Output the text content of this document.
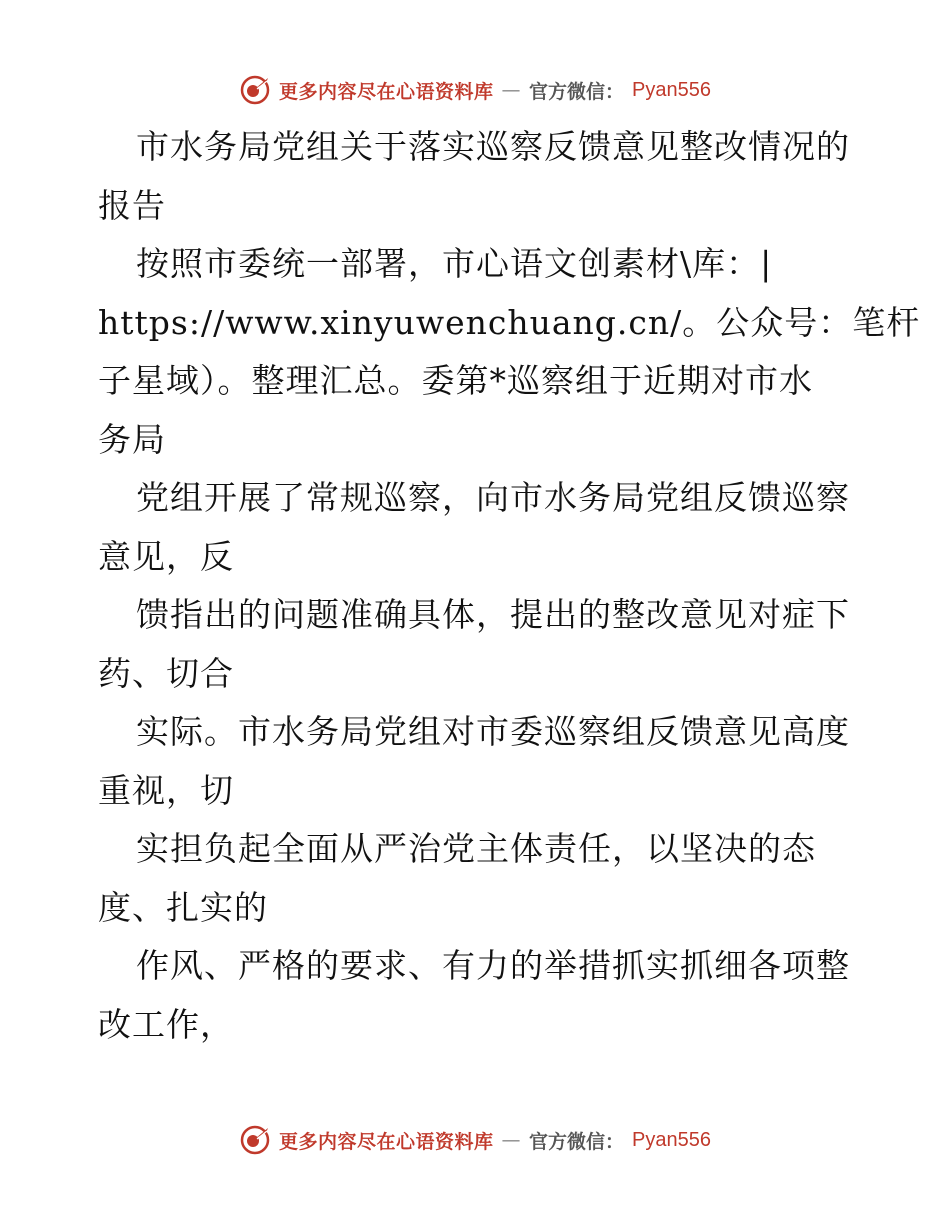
更多内容尽在心语资料库 — 官方微信： Pyan556
市水务局党组关于落实巡察反馈意见整改情况的
报告
按照市委统一部署，市心语文创素材\库：|
https://www.xinyuwenchuang.cn/。公众号：笔杆
子星域）。整理汇总。委第*巡察组于近期对市水
务局
党组开展了常规巡察，向市水务局党组反馈巡察
意见，反
馈指出的问题准确具体，提出的整改意见对症下
药、切合
实际。市水务局党组对市委巡察组反馈意见高度
重视，切
实担负起全面从严治党主体责任，以坚决的态
度、扎实的
作风、严格的要求、有力的举措抓实抓细各项整
改工作，
更多内容尽在心语资料库 — 官方微信： Pyan556
